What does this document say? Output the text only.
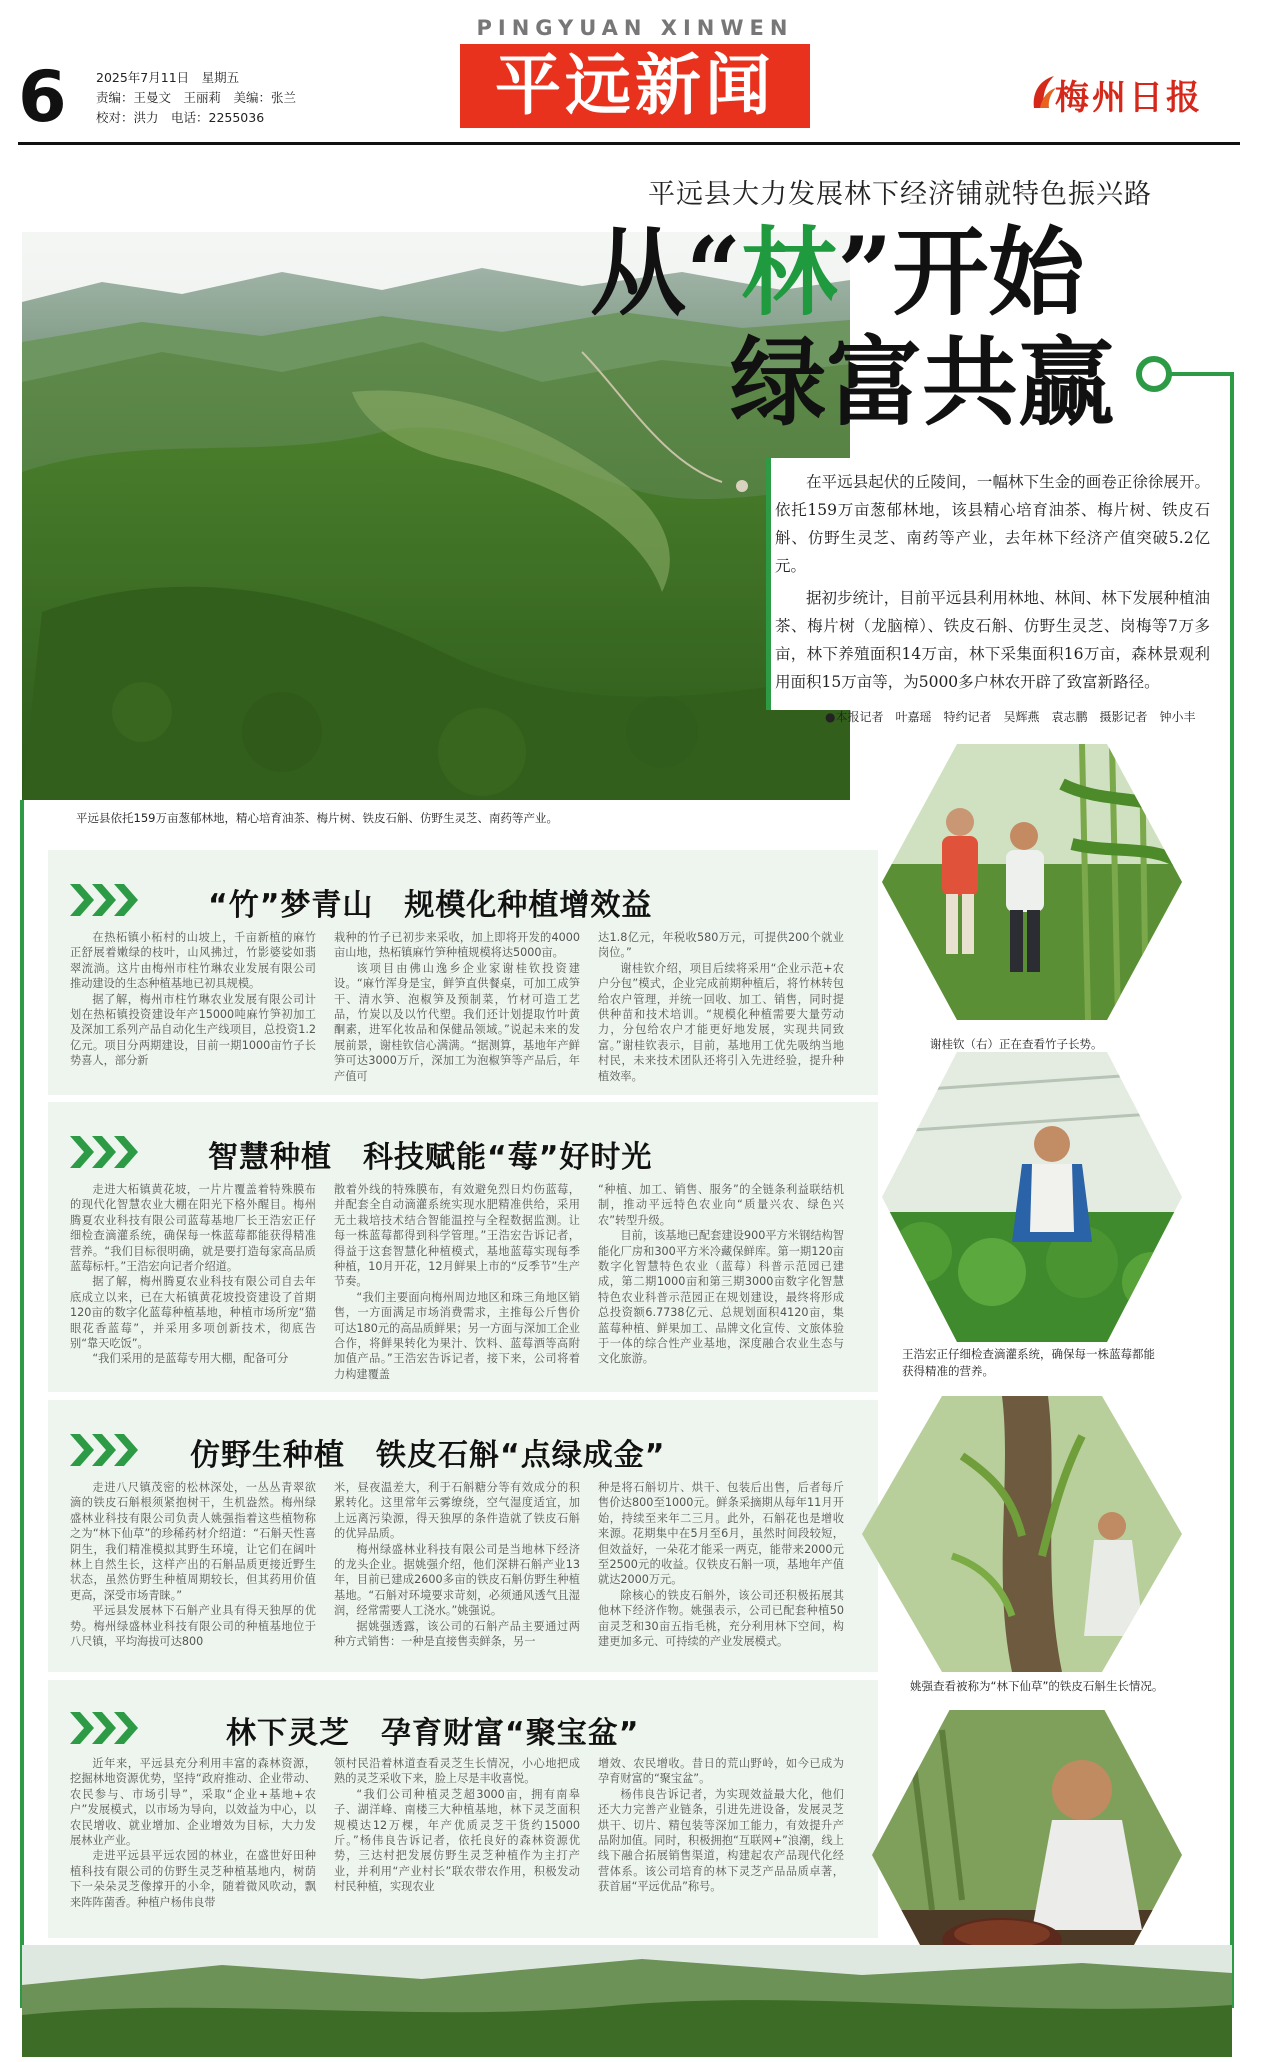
6 2025年7月11日　星期五
责编：王曼文　王丽莉　美编：张兰
校对：洪力　电话：2255036
PINGYUAN XINWEN
平远新闻	梅州日报
平远县依托159万亩葱郁林地，精心培育油茶、梅片树、铁皮石斛、仿野生灵芝、南药等产业。
平远县大力发展林下经济铺就特色振兴路
从“林”开始
绿富共赢

在平远县起伏的丘陵间，一幅林下生金的画卷正徐徐展开。依托159万亩葱郁林地，该县精心培育油茶、梅片树、铁皮石斛、仿野生灵芝、南药等产业，去年林下经济产值突破5.2亿元。

据初步统计，目前平远县利用林地、林间、林下发展种植油茶、梅片树（龙脑樟）、铁皮石斛、仿野生灵芝、岗梅等7万多亩，林下养殖面积14万亩，林下采集面积16万亩，森林景观利用面积15万亩等，为5000多户林农开辟了致富新路径。

●本报记者　叶嘉瑶　特约记者　吴辉燕　袁志鹏　摄影记者　钟小丰
“竹”梦青山　规模化种植增效益

在热柘镇小柘村的山坡上，千亩新植的麻竹正舒展着嫩绿的枝叶，山风拂过，竹影婆娑如翡翠流淌。这片由梅州市柱竹琳农业发展有限公司推动建设的生态种植基地已初具规模。

据了解，梅州市柱竹琳农业发展有限公司计划在热柘镇投资建设年产15000吨麻竹笋初加工及深加工系列产品自动化生产线项目，总投资1.2亿元。项目分两期建设，目前一期1000亩竹子长势喜人，部分新

栽种的竹子已初步来采收，加上即将开发的4000亩山地，热柘镇麻竹笋种植规模将达5000亩。

该项目由佛山逸乡企业家谢桂钦投资建设。“麻竹浑身是宝，鲜笋直供餐桌，可加工成笋干、清水笋、泡椒笋及预制菜，竹材可造工艺品，竹炭以及以竹代塑。我们还计划提取竹叶黄酮素，进军化妆品和保健品领域。”说起未来的发展前景，谢桂钦信心满满。“据测算，基地年产鲜笋可达3000万斤，深加工为泡椒笋等产品后，年产值可

达1.8亿元，年税收580万元，可提供200个就业岗位。”

谢桂钦介绍，项目后续将采用“企业示范+农户分包”模式，企业完成前期种植后，将竹林转包给农户管理，并统一回收、加工、销售，同时提供种苗和技术培训。“规模化种植需要大量劳动力，分包给农户才能更好地发展，实现共同致富。”谢桂钦表示，目前，基地用工优先吸纳当地村民，未来技术团队还将引入先进经验，提升种植效率。

智慧种植　科技赋能“莓”好时光

走进大柘镇黄花坡，一片片覆盖着特殊膜布的现代化智慧农业大棚在阳光下格外醒目。梅州腾夏农业科技有限公司蓝莓基地厂长王浩宏正仔细检查滴灌系统，确保每一株蓝莓都能获得精准营养。“我们目标很明确，就是要打造每家高品质蓝莓标杆。”王浩宏向记者介绍道。

据了解，梅州腾夏农业科技有限公司自去年底成立以来，已在大柘镇黄花坡投资建设了首期120亩的数字化蓝莓种植基地，种植市场所宠“猫眼花香蓝莓”，并采用多项创新技术，彻底告别“靠天吃饭”。

“我们采用的是蓝莓专用大棚，配备可分

散着外线的特殊膜布，有效避免烈日灼伤蓝莓，并配套全自动滴灌系统实现水肥精准供给，采用无土栽培技术结合智能温控与全程数据监测。让每一株蓝莓都得到科学管理。”王浩宏告诉记者，得益于这套智慧化种植模式，基地蓝莓实现每季种植，10月开花，12月鲜果上市的“反季节”生产节奏。

“我们主要面向梅州周边地区和珠三角地区销售，一方面满足市场消费需求，主推每公斤售价可达180元的高品质鲜果；另一方面与深加工企业合作，将鲜果转化为果汁、饮料、蓝莓酒等高附加值产品。”王浩宏告诉记者，接下来，公司将着力构建覆盖

“种植、加工、销售、服务”的全链条利益联结机制，推动平远特色农业向“质量兴农、绿色兴农”转型升级。

目前，该基地已配套建设900平方米钢结构智能化厂房和300平方米冷藏保鲜库。第一期120亩数字化智慧特色农业（蓝莓）科普示范园已建成，第二期1000亩和第三期3000亩数字化智慧特色农业科普示范园正在规划建设，最终将形成总投资额6.7738亿元、总规划面积4120亩，集蓝莓种植、鲜果加工、品牌文化宣传、文旅体验于一体的综合性产业基地，深度融合农业生态与文化旅游。

仿野生种植　铁皮石斛“点绿成金”

走进八尺镇茂密的松林深处，一丛丛青翠欲滴的铁皮石斛根须紧抱树干，生机盎然。梅州绿盛林业科技有限公司负责人姚强指着这些植物称之为“林下仙草”的珍稀药材介绍道：“石斛天性喜阴生，我们精准模拟其野生环境，让它们在阔叶林上自然生长，这样产出的石斛品质更接近野生状态，虽然仿野生种植周期较长，但其药用价值更高，深受市场青睐。”

平远县发展林下石斛产业具有得天独厚的优势。梅州绿盛林业科技有限公司的种植基地位于八尺镇，平均海拔可达800

米，昼夜温差大，利于石斛糖分等有效成分的积累转化。这里常年云雾缭绕，空气湿度适宜，加上远离污染源，得天独厚的条件造就了铁皮石斛的优异品质。

梅州绿盛林业科技有限公司是当地林下经济的龙头企业。据姚强介绍，他们深耕石斛产业13年，目前已建成2600多亩的铁皮石斛仿野生种植基地。“石斛对环境要求苛刻，必须通风透气且湿润，经常需要人工浇水。”姚强说。

据姚强透露，该公司的石斛产品主要通过两种方式销售：一种是直接售卖鲜条，另一

种是将石斛切片、烘干、包装后出售，后者每斤售价达800至1000元。鲜条采摘期从每年11月开始，持续至来年二三月。此外，石斛花也是增收来源。花期集中在5月至6月，虽然时间段较短，但效益好，一朵花才能采一两克，能带来2000元至2500元的收益。仅铁皮石斛一项，基地年产值就达2000万元。

除核心的铁皮石斛外，该公司还积极拓展其他林下经济作物。姚强表示，公司已配套种植50亩灵芝和30亩五指毛桃，充分利用林下空间，构建更加多元、可持续的产业发展模式。

林下灵芝　孕育财富“聚宝盆”

近年来，平远县充分利用丰富的森林资源，挖掘林地资源优势，坚持“政府推动、企业带动、农民参与、市场引导”，采取“企业+基地+农户”发展模式，以市场为导向，以效益为中心，以农民增收、就业增加、企业增效为目标，大力发展林业产业。

走进平远县平远农园的林业，在盛世好田种植科技有限公司的仿野生灵芝种植基地内，树荫下一朵朵灵芝像撑开的小伞，随着微风吹动，飘来阵阵菌香。种植户杨伟良带

领村民沿着林道查看灵芝生长情况，小心地把成熟的灵芝采收下来，脸上尽是丰收喜悦。

“我们公司种植灵芝超3000亩，拥有南皋子、湖洋峰、南楼三大种植基地，林下灵芝面积规模达12万棵，年产优质灵芝干货约15000斤。”杨伟良告诉记者，依托良好的森林资源优势，三达村把发展仿野生灵芝种植作为主打产业，并利用“产业村长”联农带农作用，积极发动村民种植，实现农业

增效、农民增收。昔日的荒山野岭，如今已成为孕育财富的“聚宝盆”。

杨伟良告诉记者，为实现效益最大化，他们还大力完善产业链条，引进先进设备，发展灵芝烘干、切片、精包装等深加工能力，有效提升产品附加值。同时，积极拥抱“互联网+”浪潮，线上线下融合拓展销售渠道，构建起农产品现代化经营体系。该公司培育的林下灵芝产品品质卓著，获首届“平远优品”称号。

谢桂钦（右）正在查看竹子长势。
王浩宏正仔细检查滴灌系统，确保每一株蓝莓都能获得精准的营养。
姚强查看被称为“林下仙草”的铁皮石斛生长情况。
